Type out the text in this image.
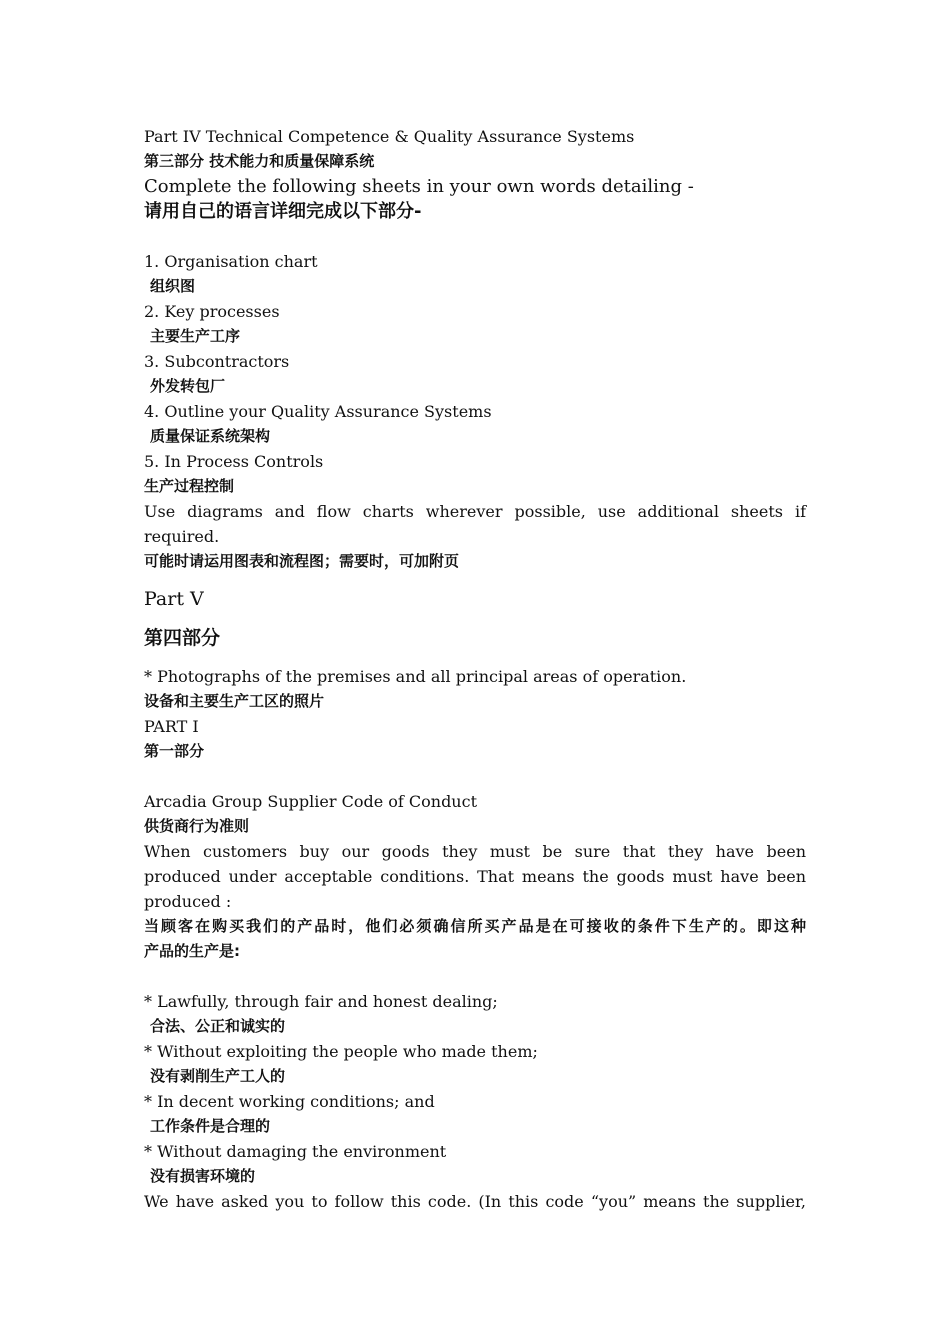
Part IV Technical Competence & Quality Assurance Systems
第三部分 技术能力和质量保障系统
Complete the following sheets in your own words detailing -
请用自己的语言详细完成以下部分-
1. Organisation chart
组织图
2. Key processes
主要生产工序
3. Subcontractors
外发转包厂
4. Outline your Quality Assurance Systems
质量保证系统架构
5. In Process Controls
生产过程控制
Use diagrams and flow charts wherever possible, use additional sheets if
required.
可能时请运用图表和流程图；需要时，可加附页
Part V
第四部分
* Photographs of the premises and all principal areas of operation.
设备和主要生产工区的照片
PART I
第一部分
Arcadia Group Supplier Code of Conduct
供货商行为准则
When customers buy our goods they must be sure that they have been
produced under acceptable conditions. That means the goods must have been
produced :
当顾客在购买我们的产品时，他们必须确信所买产品是在可接收的条件下生产的。即这种
产品的生产是:
* Lawfully, through fair and honest dealing;
合法、公正和诚实的
* Without exploiting the people who made them;
没有剥削生产工人的
* In decent working conditions; and
工作条件是合理的
* Without damaging the environment
没有损害环境的
We have asked you to follow this code. (In this code “you” means the supplier,
